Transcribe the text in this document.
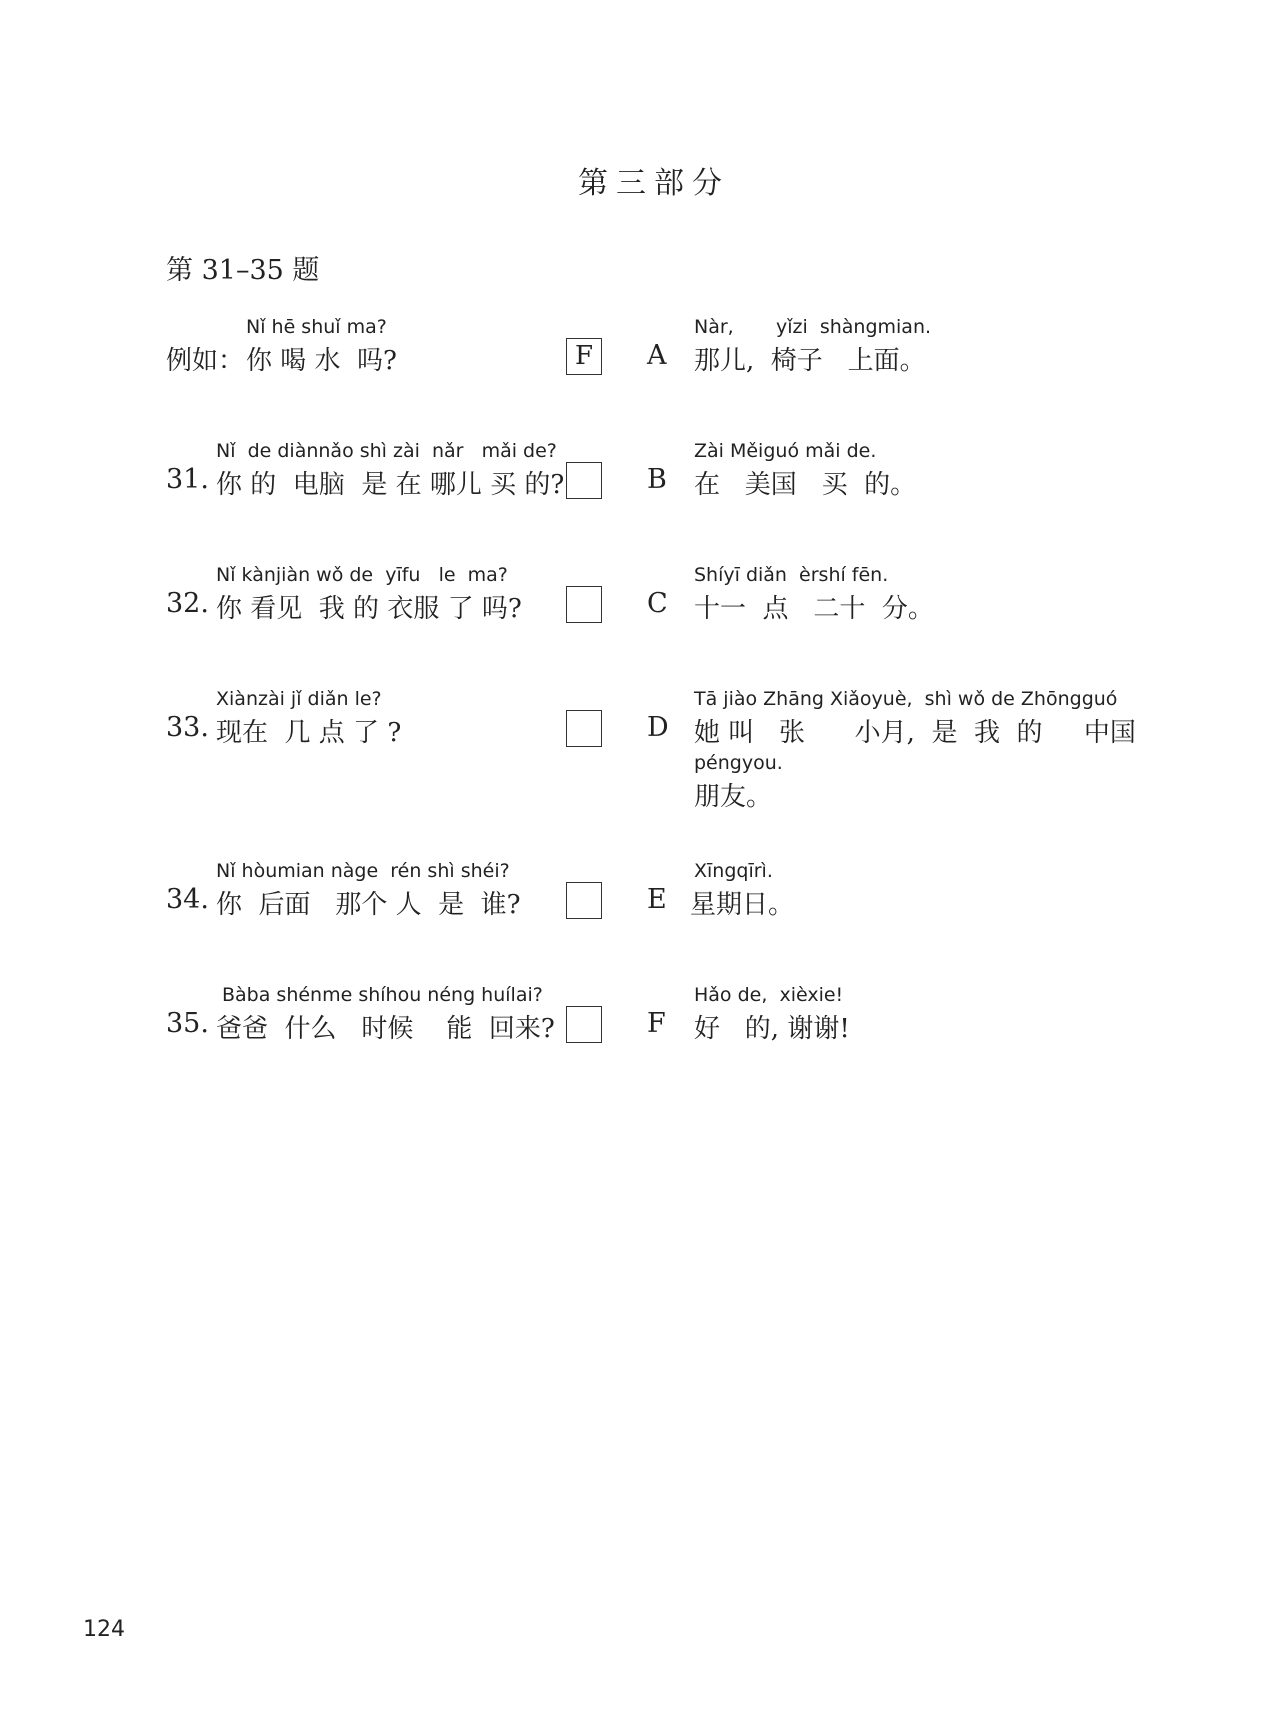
第三部分
第 31–35 题
Nǐ hē shuǐ ma?
例如： 你 喝 水  吗?	F
Nǐ  de diànnǎo shì zài  nǎr   mǎi de?
31. 你 的  电脑  是 在 哪儿 买 的?
Nǐ kànjiàn wǒ de  yīfu   le  ma?
32. 你 看见  我 的 衣服 了 吗?
Xiànzài jǐ diǎn le?
33. 现在  几 点 了 ?
Nǐ hòumian nàge  rén shì shéi?
34. 你  后面   那个 人  是  谁?
Bàba shénme shíhou néng huílai?
35. 爸爸  什么   时候    能  回来?
Nàr,       yǐzi  shàngmian.
A 那儿,  椅子   上面。
Zài Měiguó mǎi de.
B 在   美国   买  的。
Shíyī diǎn  èrshí fēn.
C 十一  点   二十  分。
Tā jiào Zhāng Xiǎoyuè,  shì wǒ de Zhōngguó
D 她 叫   张      小月,  是  我  的     中国
péngyou.
朋友。
Xīngqīrì.
E 星期日。
Hǎo de,  xièxie!
F 好   的, 谢谢!
124
